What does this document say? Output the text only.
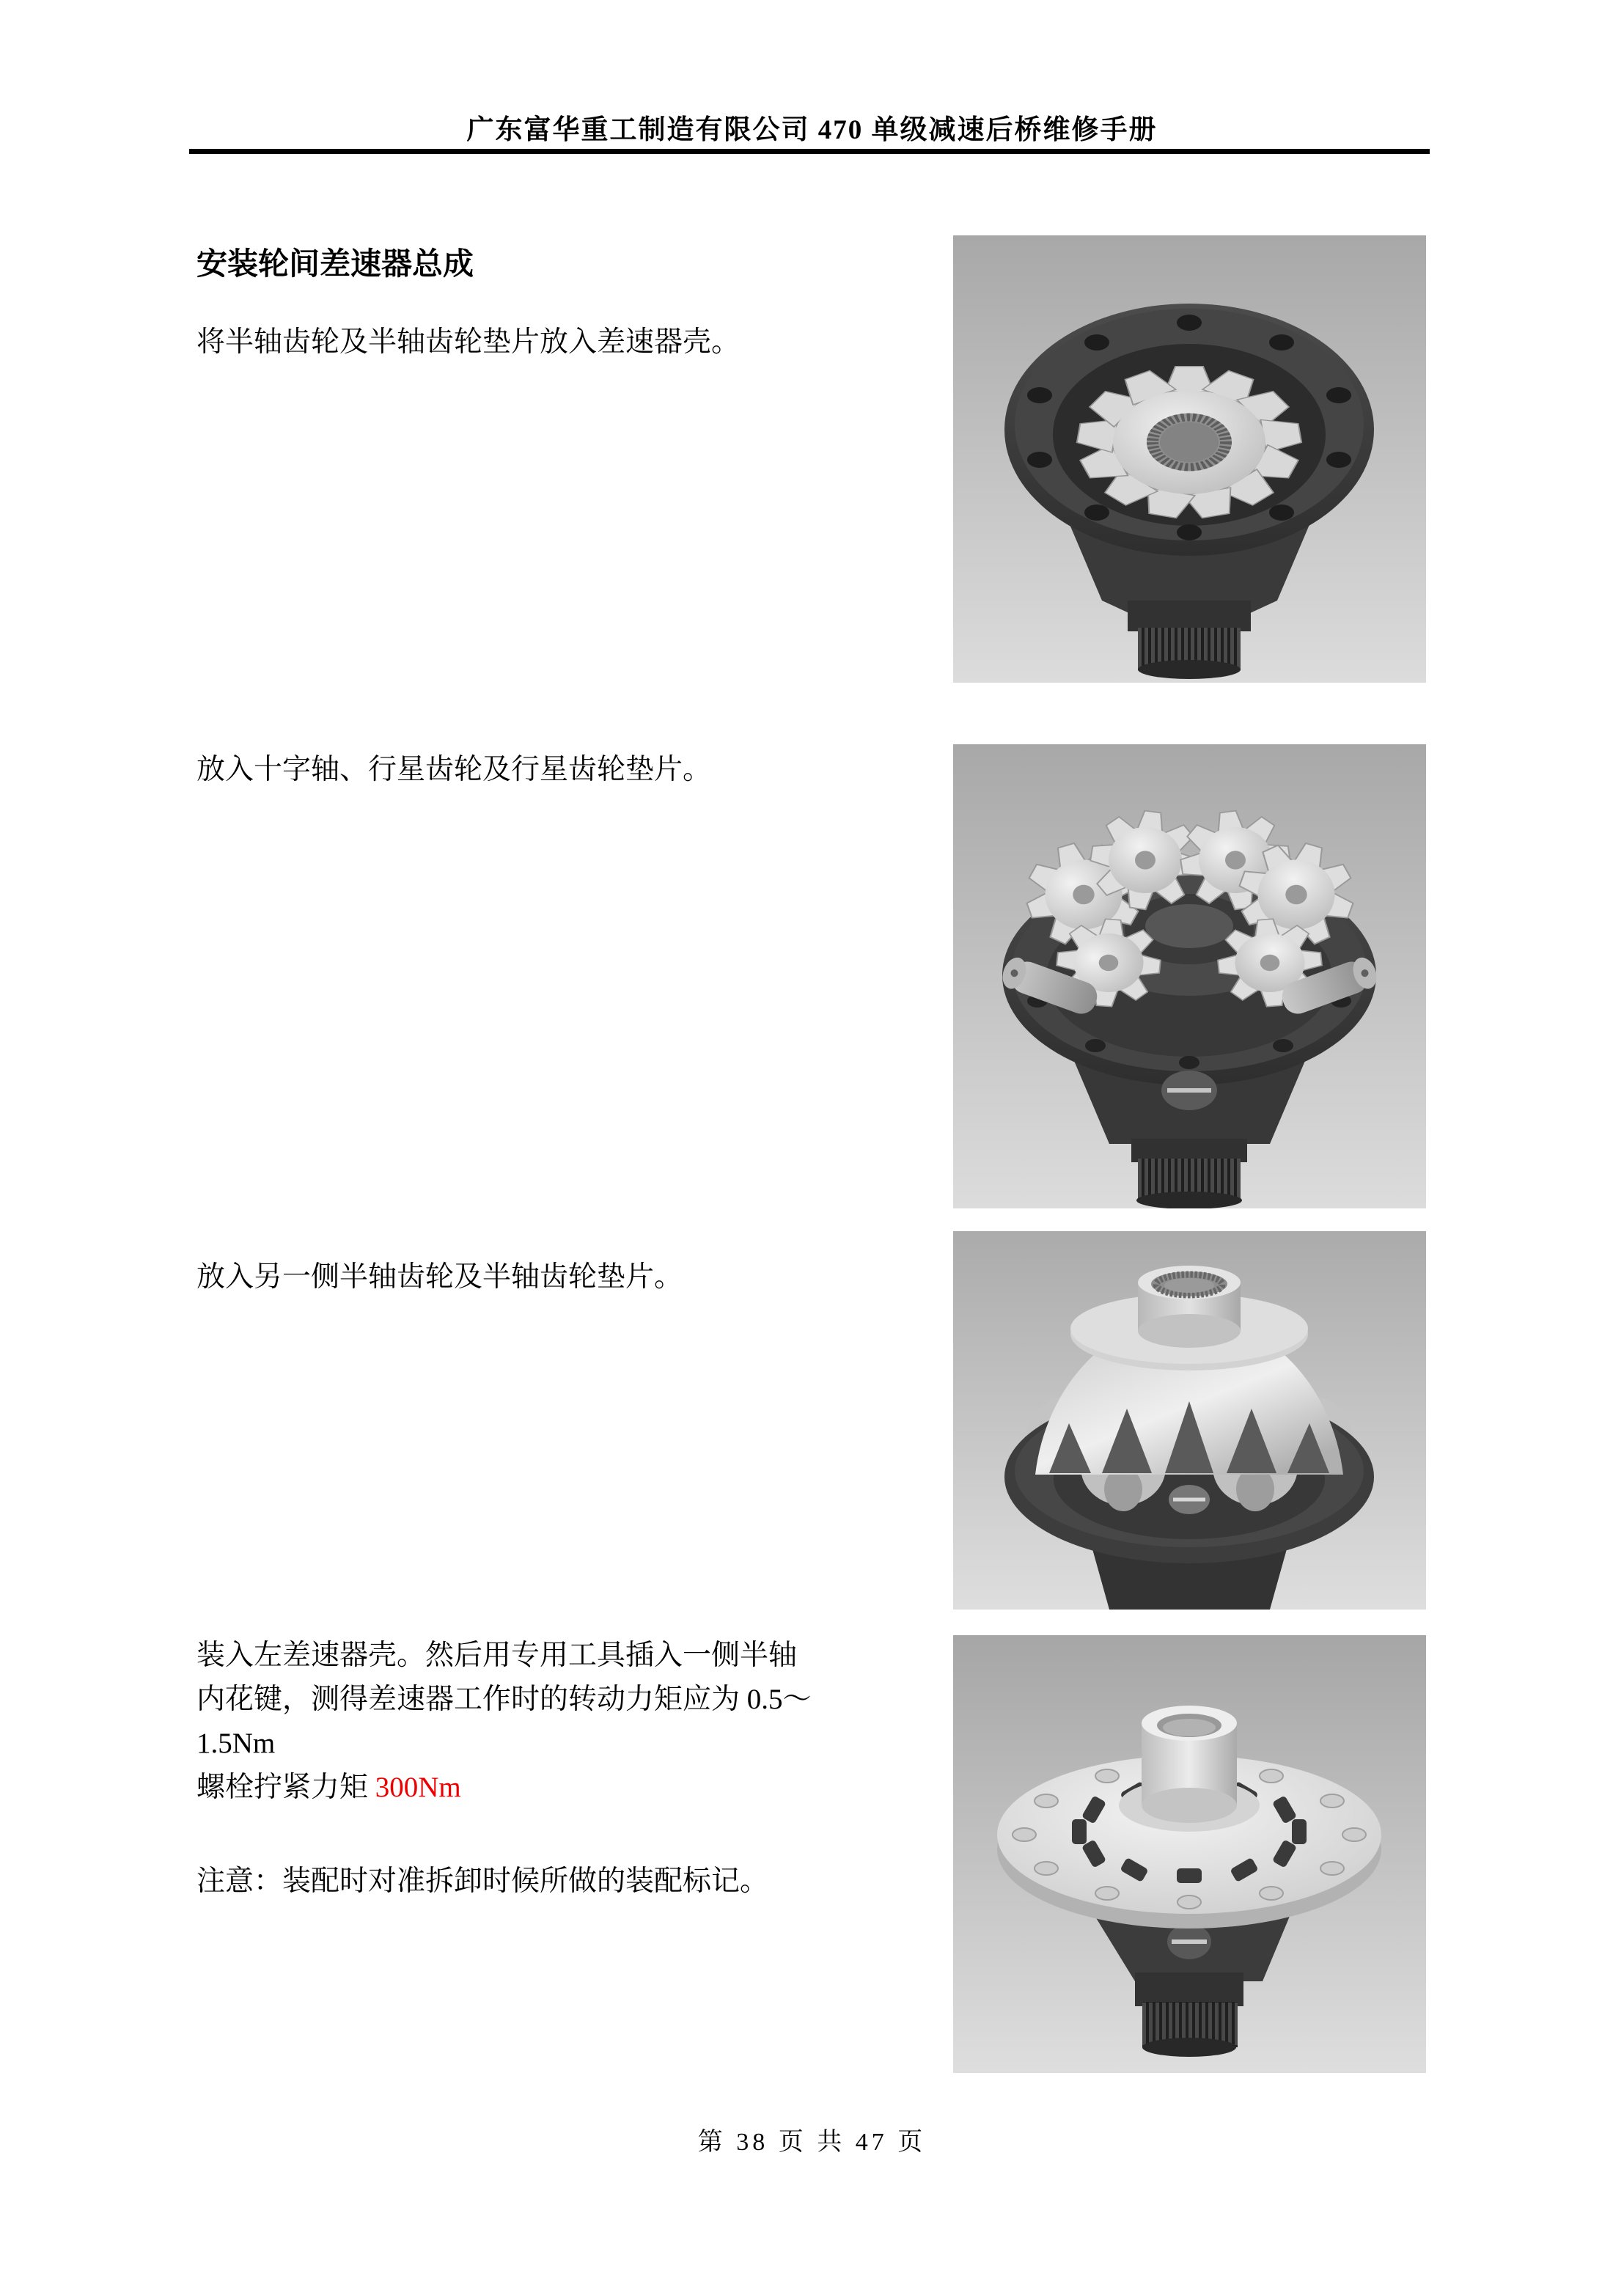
广东富华重工制造有限公司 470 单级减速后桥维修手册
安装轮间差速器总成
将半轴齿轮及半轴齿轮垫片放入差速器壳。
放入十字轴、行星齿轮及行星齿轮垫片。
放入另一侧半轴齿轮及半轴齿轮垫片。
装入左差速器壳。然后用专用工具插入一侧半轴
内花键，测得差速器工作时的转动力矩应为 0.5～
1.5Nm
螺栓拧紧力矩 300Nm
注意：装配时对准拆卸时候所做的装配标记。
第 38 页 共 47 页
